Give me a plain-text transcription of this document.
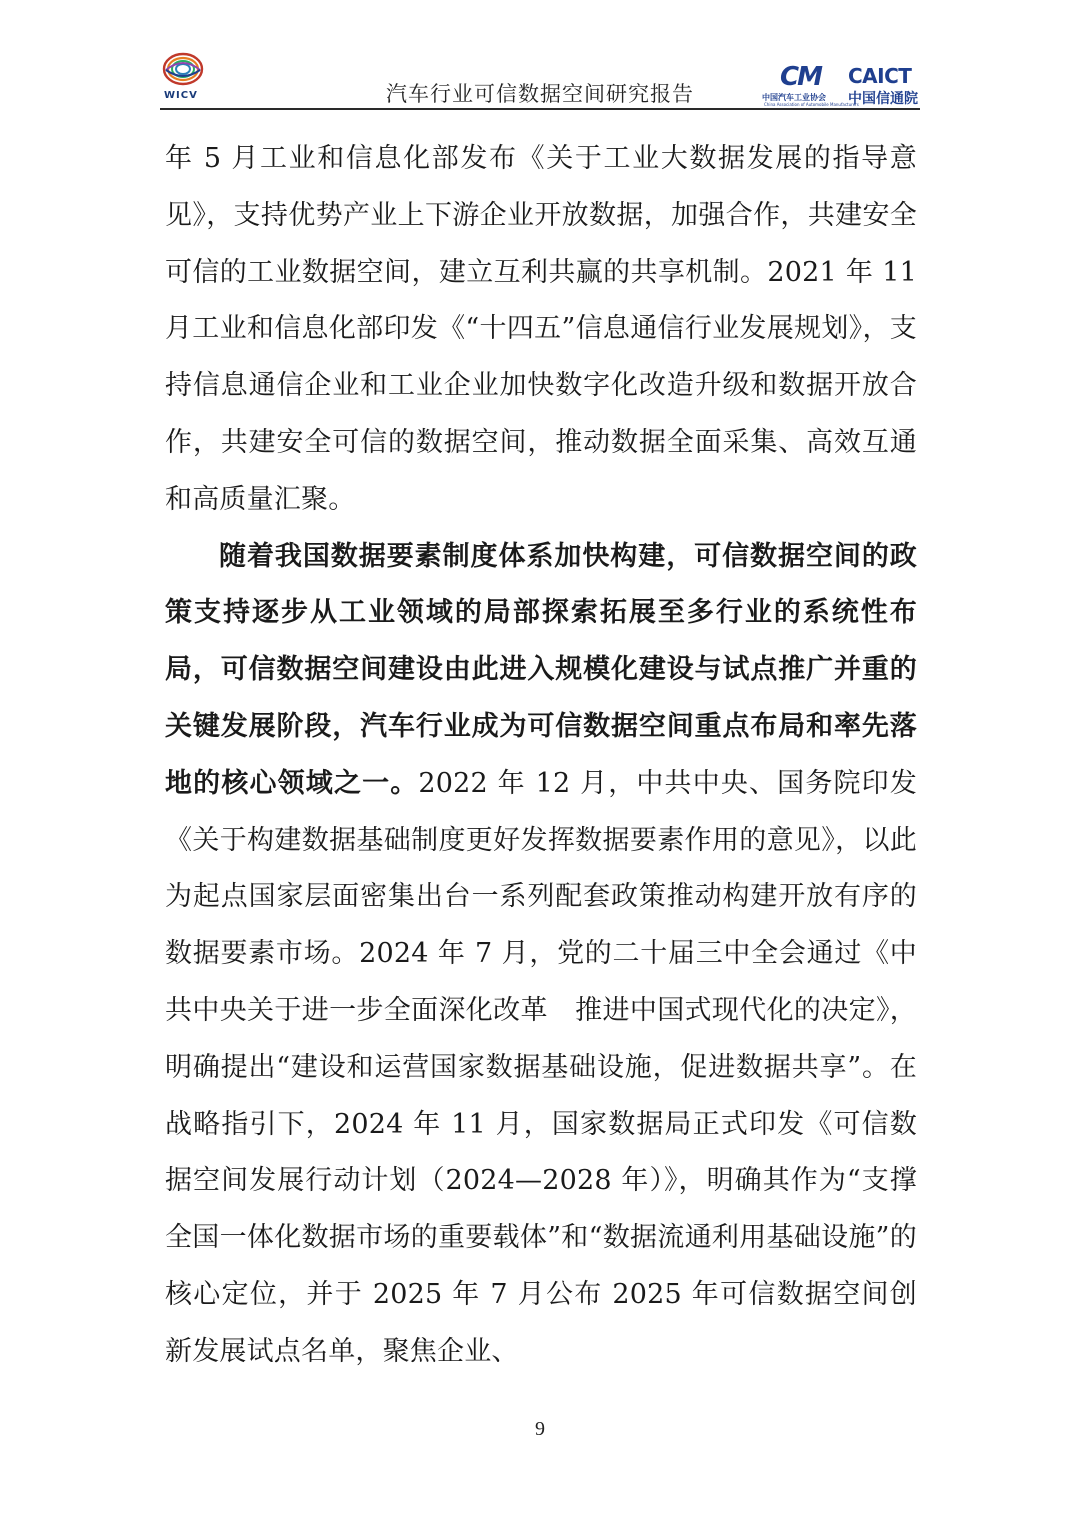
WICV	汽车行业可信数据空间研究报告
CM
中国汽车工业协会
China Association of Automobile Manufacturers
CAICT
中国信通院

年 5 月工业和信息化部发布《关于工业大数据发展的指导意见》，支持优势产业上下游企业开放数据，加强合作，共建安全可信的工业数据空间，建立互利共赢的共享机制。2021 年 11 月工业和信息化部印发《“十四五”信息通信行业发展规划》，支持信息通信企业和工业企业加快数字化改造升级和数据开放合作，共建安全可信的数据空间，推动数据全面采集、高效互通和高质量汇聚。

随着我国数据要素制度体系加快构建，可信数据空间的政策支持逐步从工业领域的局部探索拓展至多行业的系统性布局，可信数据空间建设由此进入规模化建设与试点推广并重的关键发展阶段，汽车行业成为可信数据空间重点布局和率先落地的核心领域之一。2022 年 12 月，中共中央、国务院印发《关于构建数据基础制度更好发挥数据要素作用的意见》，以此为起点国家层面密集出台一系列配套政策推动构建开放有序的数据要素市场。2024 年 7 月，党的二十届三中全会通过《中共中央关于进一步全面深化改革　推进中国式现代化的决定》，明确提出“建设和运营国家数据基础设施，促进数据共享”。在战略指引下，2024 年 11 月，国家数据局正式印发《可信数据空间发展行动计划（2024—2028 年）》，明确其作为“支撑全国一体化数据市场的重要载体”和“数据流通利用基础设施”的核心定位，并于 2025 年 7 月公布 2025 年可信数据空间创新发展试点名单，聚焦企业、

9
